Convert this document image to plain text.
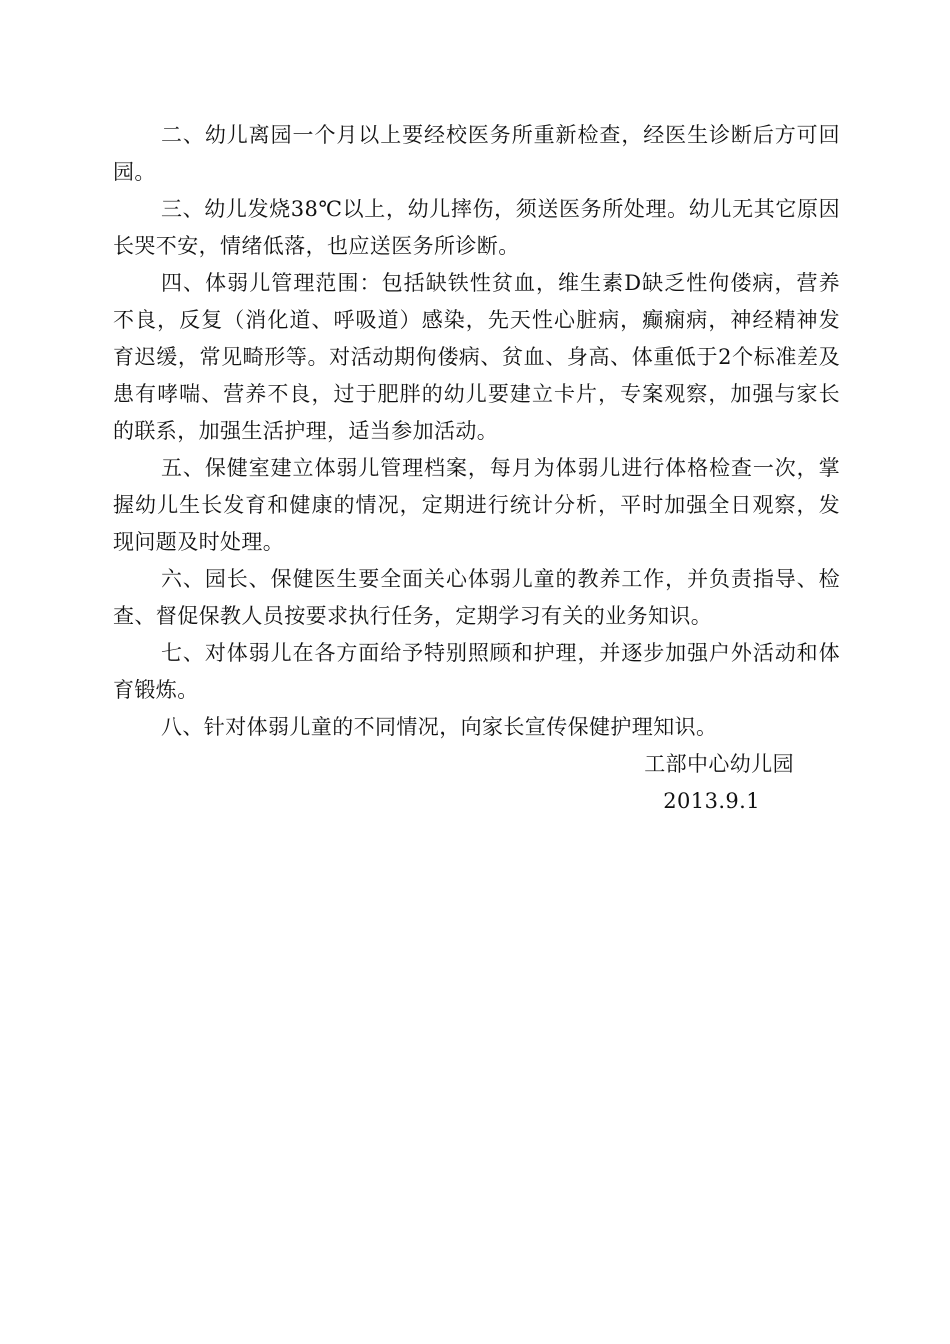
二、幼儿离园一个月以上要经校医务所重新检查，经医生诊断后方可回园。

三、幼儿发烧38℃以上，幼儿摔伤，须送医务所处理。幼儿无其它原因长哭不安，情绪低落，也应送医务所诊断。

四、体弱儿管理范围：包括缺铁性贫血，维生素D缺乏性佝偻病，营养不良，反复（消化道、呼吸道）感染，先天性心脏病，癫痫病，神经精神发育迟缓，常见畸形等。对活动期佝偻病、贫血、身高、体重低于2个标准差及患有哮喘、营养不良，过于肥胖的幼儿要建立卡片，专案观察，加强与家长的联系，加强生活护理，适当参加活动。

五、保健室建立体弱儿管理档案，每月为体弱儿进行体格检查一次，掌握幼儿生长发育和健康的情况，定期进行统计分析，平时加强全日观察，发现问题及时处理。

六、园长、保健医生要全面关心体弱儿童的教养工作，并负责指导、检查、督促保教人员按要求执行任务，定期学习有关的业务知识。

七、对体弱儿在各方面给予特别照顾和护理，并逐步加强户外活动和体育锻炼。

八、针对体弱儿童的不同情况，向家长宣传保健护理知识。

工部中心幼儿园

2013.9.1
